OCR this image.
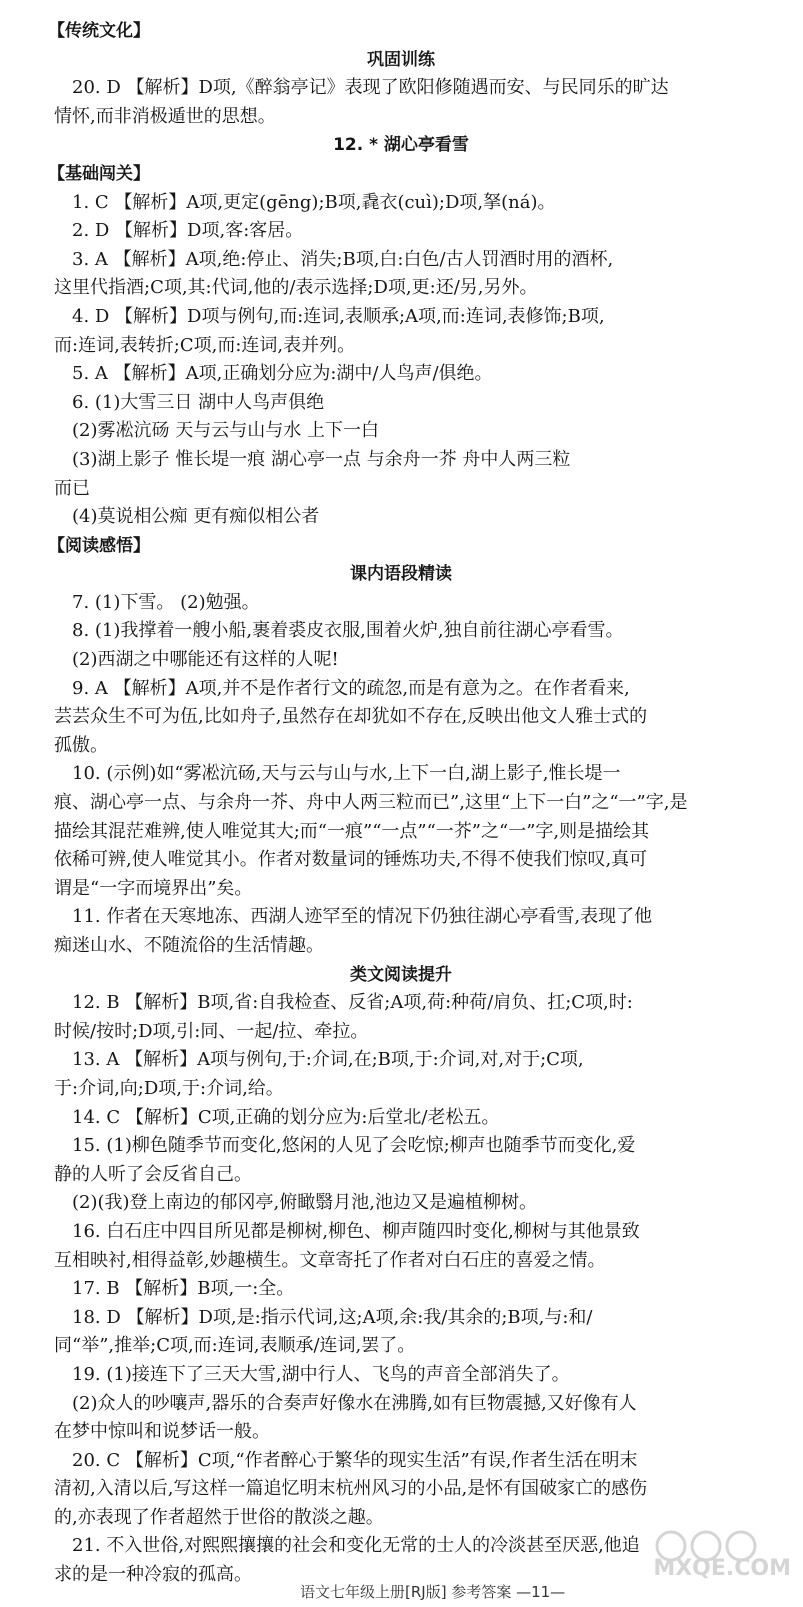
【传统文化】
巩固训练
20. D 【解析】D项,《醉翁亭记》表现了欧阳修随遇而安、与民同乐的旷达
情怀,而非消极遁世的思想。
12. * 湖心亭看雪
【基础闯关】
1. C 【解析】A项,更定(gēng);B项,毳衣(cuì);D项,拏(ná)。
2. D 【解析】D项,客:客居。
3. A 【解析】A项,绝:停止、消失;B项,白:白色/古人罚酒时用的酒杯,
这里代指酒;C项,其:代词,他的/表示选择;D项,更:还/另,另外。
4. D 【解析】D项与例句,而:连词,表顺承;A项,而:连词,表修饰;B项,
而:连词,表转折;C项,而:连词,表并列。
5. A 【解析】A项,正确划分应为:湖中/人鸟声/俱绝。
6. (1)大雪三日 湖中人鸟声俱绝
(2)雾凇沆砀 天与云与山与水 上下一白
(3)湖上影子 惟长堤一痕 湖心亭一点 与余舟一芥 舟中人两三粒
而已
(4)莫说相公痴 更有痴似相公者
【阅读感悟】
课内语段精读
7. (1)下雪。 (2)勉强。
8. (1)我撑着一艘小船,裹着裘皮衣服,围着火炉,独自前往湖心亭看雪。
(2)西湖之中哪能还有这样的人呢!
9. A 【解析】A项,并不是作者行文的疏忽,而是有意为之。在作者看来,
芸芸众生不可为伍,比如舟子,虽然存在却犹如不存在,反映出他文人雅士式的
孤傲。
10. (示例)如“雾凇沆砀,天与云与山与水,上下一白,湖上影子,惟长堤一
痕、湖心亭一点、与余舟一芥、舟中人两三粒而已”,这里“上下一白”之“一”字,是
描绘其混茫难辨,使人唯觉其大;而“一痕”“一点”“一芥”之“一”字,则是描绘其
依稀可辨,使人唯觉其小。作者对数量词的锤炼功夫,不得不使我们惊叹,真可
谓是“一字而境界出”矣。
11. 作者在天寒地冻、西湖人迹罕至的情况下仍独往湖心亭看雪,表现了他
痴迷山水、不随流俗的生活情趣。
类文阅读提升
12. B 【解析】B项,省:自我检查、反省;A项,荷:种荷/肩负、扛;C项,时:
时候/按时;D项,引:同、一起/拉、牵拉。
13. A 【解析】A项与例句,于:介词,在;B项,于:介词,对,对于;C项,
于:介词,向;D项,于:介词,给。
14. C 【解析】C项,正确的划分应为:后堂北/老松五。
15. (1)柳色随季节而变化,悠闲的人见了会吃惊;柳声也随季节而变化,爱
静的人听了会反省自己。
(2)(我)登上南边的郁冈亭,俯瞰翳月池,池边又是遍植柳树。
16. 白石庄中四目所见都是柳树,柳色、柳声随四时变化,柳树与其他景致
互相映衬,相得益彰,妙趣横生。文章寄托了作者对白石庄的喜爱之情。
17. B 【解析】B项,一:全。
18. D 【解析】D项,是:指示代词,这;A项,余:我/其余的;B项,与:和/
同“举”,推举;C项,而:连词,表顺承/连词,罢了。
19. (1)接连下了三天大雪,湖中行人、飞鸟的声音全部消失了。
(2)众人的吵嚷声,器乐的合奏声好像水在沸腾,如有巨物震撼,又好像有人
在梦中惊叫和说梦话一般。
20. C 【解析】C项,“作者醉心于繁华的现实生活”有误,作者生活在明末
清初,入清以后,写这样一篇追忆明末杭州风习的小品,是怀有国破家亡的感伤
的,亦表现了作者超然于世俗的散淡之趣。
21. 不入世俗,对熙熙攘攘的社会和变化无常的士人的冷淡甚至厌恶,他追
求的是一种冷寂的孤高。
语文七年级上册[RJ版] 参考答案 —11—
MXQE.COM
